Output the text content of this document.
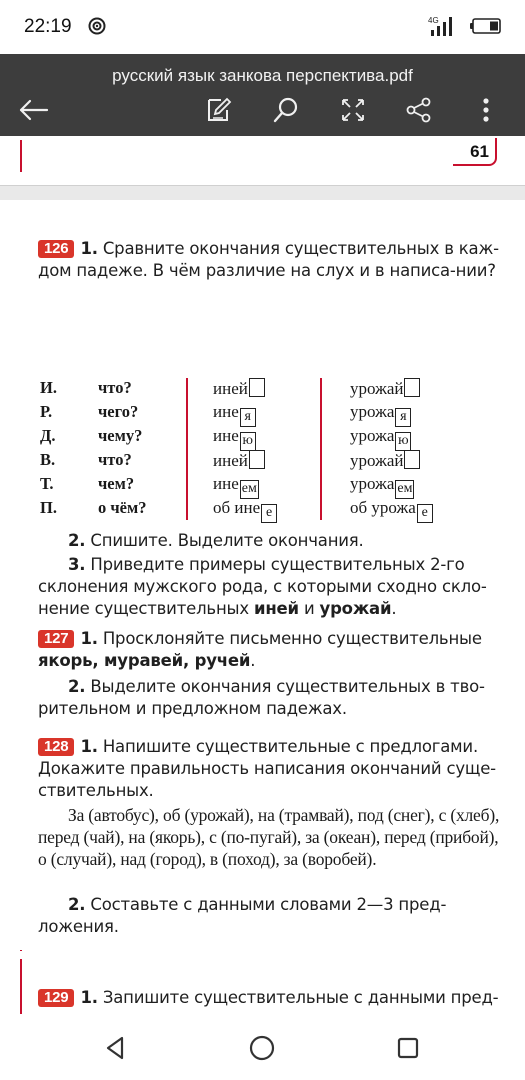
22:19	4G
русский язык занкова перспектива.pdf
61
126 1. Сравните окончания существительных в каж-дом падеже. В чём различие на слух и в написа-нии?
И. что?	иней	урожай
Р.	чего?	ине я	урожа я
Д.	чему?	ине ю	урожа ю
В.	что?	иней	урожай
Т.	чем?	ине ем	урожа ем
П. о чём?	об ине е	об урожа е
2. Спишите. Выделите окончания.
3. Приведите примеры существительных 2-го склонения мужского рода, с которыми сходно скло-нение существительных иней и урожай.
127 1. Просклоняйте письменно существительные якорь, муравей, ручей.
2. Выделите окончания существительных в тво-рительном и предложном падежах.
128 1. Напишите существительные с предлогами. Докажите правильность написания окончаний суще-ствительных.
За (автобус), об (урожай), на (трамвай), под (снег), с (хлеб), перед (чай), на (якорь), с (по-пугай), за (океан), перед (прибой), о (случай), над (город), в (поход), за (воробей).
2. Составьте с данными словами 2—3 пред-ложения.
129 1. Запишите существительные с данными пред-
